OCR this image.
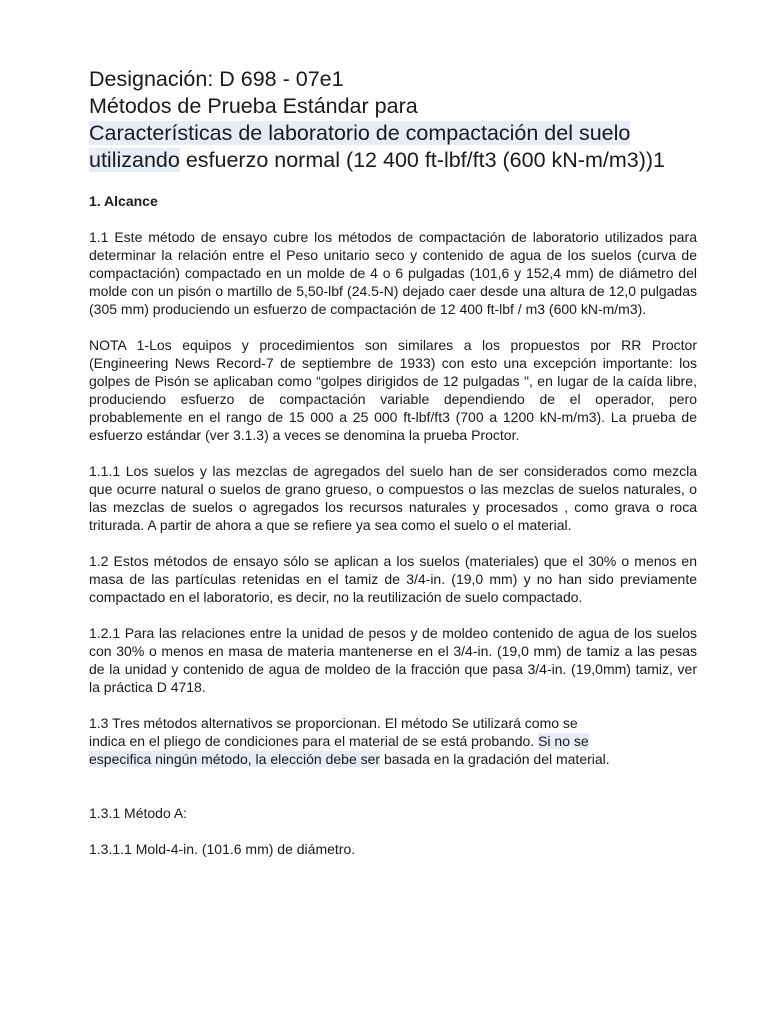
Designación: D 698 - 07e1
Métodos de Prueba Estándar para
Características de laboratorio de compactación del suelo
utilizando esfuerzo normal (12 400 ft-lbf/ft3 (600 kN-m/m3))1

1. Alcance

1.1 Este método de ensayo cubre los métodos de compactación de laboratorio utilizados para determinar la relación entre el Peso unitario seco y contenido de agua de los suelos (curva de compactación) compactado en un molde de 4 o 6 pulgadas (101,6 y 152,4 mm) de diámetro del molde con un pisón o martillo de 5,50-lbf (24.5-N) dejado caer desde una altura de 12,0 pulgadas (305 mm) produciendo un esfuerzo de compactación de 12 400 ft-lbf / m3 (600 kN-m/m3).

NOTA 1-Los equipos y procedimientos son similares a los propuestos por RR Proctor (Engineering News Record-7 de septiembre de 1933) con esto una excepción importante: los golpes de Pisón se aplicaban como “golpes dirigidos de 12 pulgadas ", en lugar de la caída libre, produciendo esfuerzo de compactación variable dependiendo de el operador, pero probablemente en el rango de 15 000 a 25 000 ft-lbf/ft3 (700 a 1200 kN-m/m3). La prueba de esfuerzo estándar (ver 3.1.3) a veces se denomina la prueba Proctor.

1.1.1 Los suelos y las mezclas de agregados del suelo han de ser considerados como mezcla que ocurre natural o suelos de grano grueso, o compuestos o las mezclas de suelos naturales, o las mezclas de suelos o agregados los recursos naturales y procesados , como grava o roca triturada. A partir de ahora a que se refiere ya sea como el suelo o el material.

1.2 Estos métodos de ensayo sólo se aplican a los suelos (materiales) que el 30% o menos en masa de las partículas retenidas en el tamiz de 3/4-in. (19,0 mm) y no han sido previamente compactado en el laboratorio, es decir, no la reutilización de suelo compactado.

1.2.1 Para las relaciones entre la unidad de pesos y de moldeo contenido de agua de los suelos con 30% o menos en masa de materia mantenerse en el 3/4-in. (19,0 mm) de tamiz a las pesas de la unidad y contenido de agua de moldeo de la fracción que pasa 3/4-in. (19,0mm) tamiz, ver la práctica D 4718.

1.3 Tres métodos alternativos se proporcionan. El método Se utilizará como se
indica en el pliego de condiciones para el material de se está probando. Si no se
especifica ningún método, la elección debe ser basada en la gradación del material.

1.3.1 Método A:

1.3.1.1 Mold-4-in. (101.6 mm) de diámetro.
